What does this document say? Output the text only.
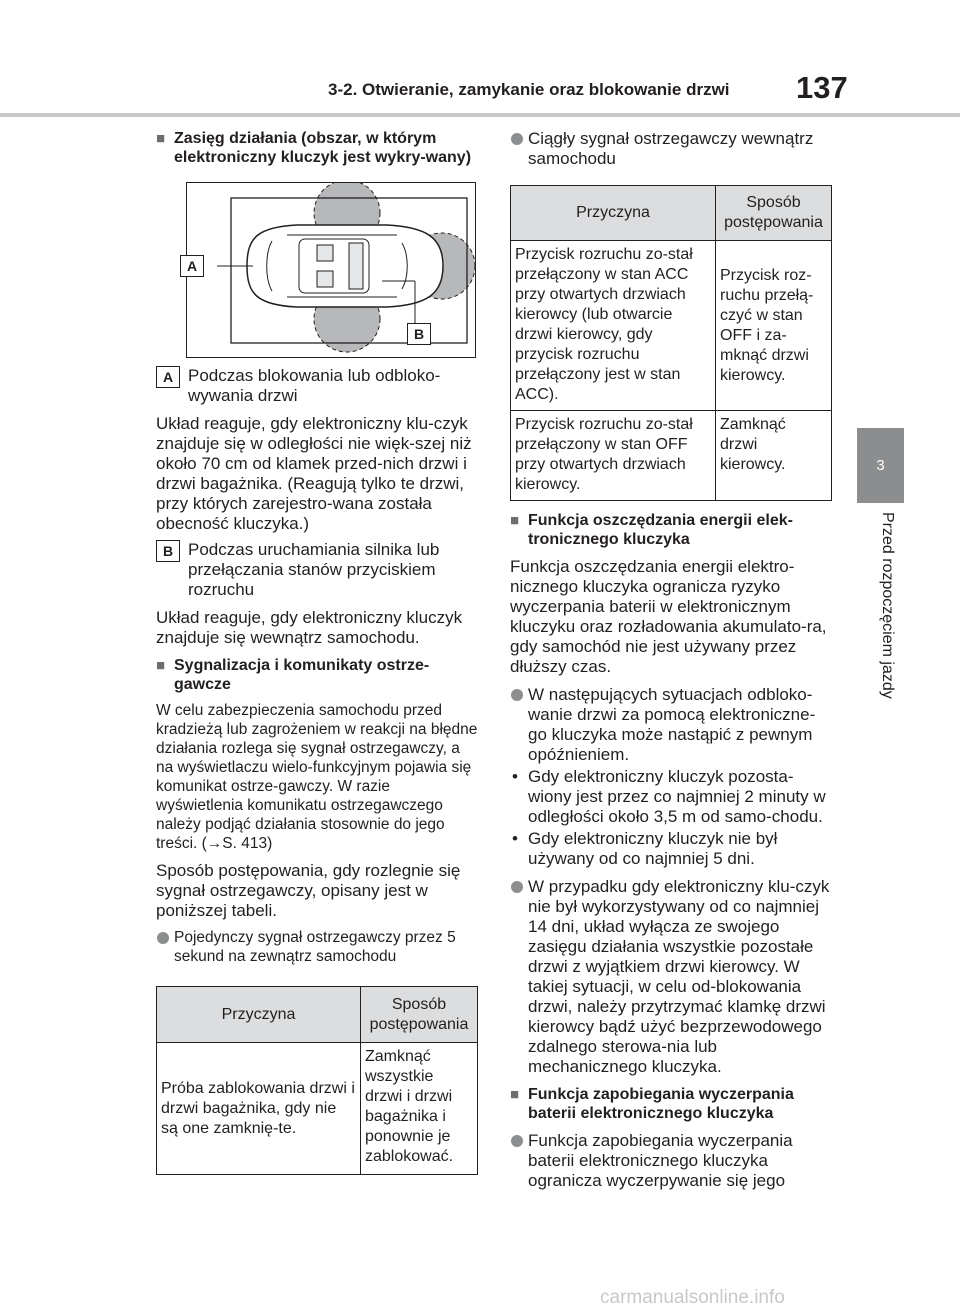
3-2. Otwieranie, zamykanie oraz blokowanie drzwi 137
3
Przed rozpoczęciem jazdy

■ Zasięg działania (obszar, w którym elektroniczny kluczyk jest wykry-wany)

A
B
A Podczas blokowania lub odbloko-wywania drzwi

Układ reaguje, gdy elektroniczny klu-czyk znajduje się w odległości nie więk-szej niż około 70 cm od klamek przed-nich drzwi i drzwi bagażnika. (Reagują tylko te drzwi, przy których zarejestro-wana została obecność kluczyka.)

B Podczas uruchamiania silnika lub przełączania stanów przyciskiem rozruchu

Układ reaguje, gdy elektroniczny kluczyk znajduje się wewnątrz samochodu.

■ Sygnalizacja i komunikaty ostrze-gawcze

W celu zabezpieczenia samochodu przed kradzieżą lub zagrożeniem w reakcji na błędne działania rozlega się sygnał ostrzegawczy, a na wyświetlaczu wielo-funkcyjnym pojawia się komunikat ostrze-gawczy. W razie wyświetlenia komunikatu ostrzegawczego należy podjąć działania stosownie do jego treści. (→S. 413)

Sposób postępowania, gdy rozlegnie się sygnał ostrzegawczy, opisany jest w poniższej tabeli.

Pojedynczy sygnał ostrzegawczy przez 5 sekund na zewnątrz samochodu

Przyczyna	Sposób postępowania
Próba zablokowania drzwi i drzwi bagażnika, gdy nie są one zamknię-te.	Zamknąć wszystkie drzwi i drzwi bagażnika i ponownie je zablokować.

Ciągły sygnał ostrzegawczy wewnątrz samochodu

Przyczyna	Sposób postępowania
Przycisk rozruchu zo-stał przełączony w stan ACC przy otwartych drzwiach kierowcy (lub otwarcie drzwi kierowcy, gdy przycisk rozruchu przełączony jest w stan ACC).	Przycisk roz-ruchu przełą-czyć w stan OFF i za-mknąć drzwi kierowcy.
Przycisk rozruchu zo-stał przełączony w stan OFF przy otwartych drzwiach kierowcy.	Zamknąć drzwi kierowcy.

■ Funkcja oszczędzania energii elek-tronicznego kluczyka

Funkcja oszczędzania energii elektro-nicznego kluczyka ogranicza ryzyko wyczerpania baterii w elektronicznym kluczyku oraz rozładowania akumulato-ra, gdy samochód nie jest używany przez dłuższy czas.

W następujących sytuacjach odbloko-wanie drzwi za pomocą elektroniczne-go kluczyka może nastąpić z pewnym opóźnieniem.

• Gdy elektroniczny kluczyk pozosta-wiony jest przez co najmniej 2 minuty w odległości około 3,5 m od samo-chodu.

• Gdy elektroniczny kluczyk nie był używany od co najmniej 5 dni.

W przypadku gdy elektroniczny klu-czyk nie był wykorzystywany od co najmniej 14 dni, układ wyłącza ze swojego zasięgu działania wszystkie pozostałe drzwi z wyjątkiem drzwi kierowcy. W takiej sytuacji, w celu od-blokowania drzwi, należy przytrzymać klamkę drzwi kierowcy bądź użyć bezprzewodowego zdalnego sterowa-nia lub mechanicznego kluczyka.

■ Funkcja zapobiegania wyczerpania baterii elektronicznego kluczyka

Funkcja zapobiegania wyczerpania baterii elektronicznego kluczyka ogranicza wyczerpywanie się jego

carmanualsonline.info
